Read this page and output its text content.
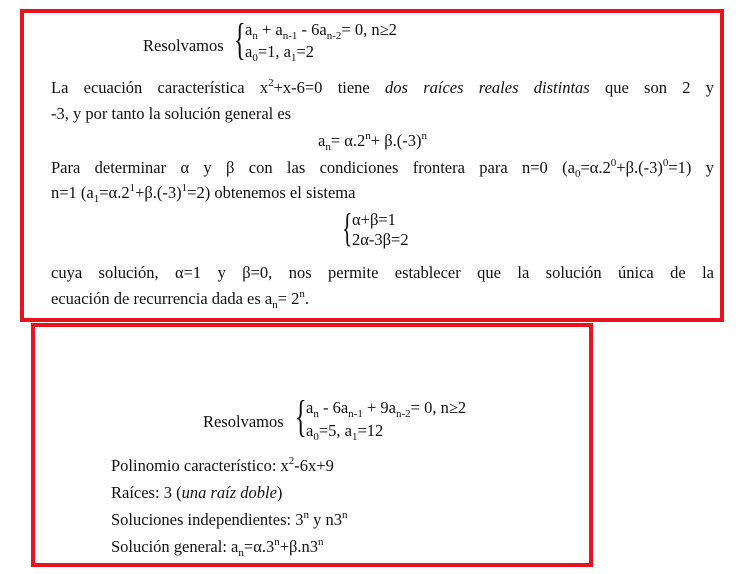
Resolvamos { $a_n + a_{n-1} - 6a_{n-2}= 0$, n≥2
$a_0=1$, $a_1=2$
La ecuación característica $x^2+x-6=0$ tiene dos raíces reales distintas que son 2 y
-3, y por tanto la solución general es
$a_n= \alpha.2^n+ \beta.(-3)^n$
Para determinar α y β con las condiciones frontera para n=0 $(a_0=\alpha.2^0+\beta.(-3)^0=1)$ y
n=1 $(a_1=\alpha.2^1+\beta.(-3)^1=2)$ obtenemos el sistema
{ α+β=1
2α-3β=2
cuya solución, α=1 y β=0, nos permite establecer que la solución única de la
ecuación de recurrencia dada es $a_n= 2^n$.
Resolvamos { $a_n - 6a_{n-1} + 9a_{n-2}= 0$, n≥2
$a_0=5$, $a_1=12$
Polinomio característico: $x^2-6x+9$
Raíces: 3 (una raíz doble)
Soluciones independientes: 3$^n$ y n3$^n$
Solución general: $a_n=\alpha.3^n+\beta.n3^n$
